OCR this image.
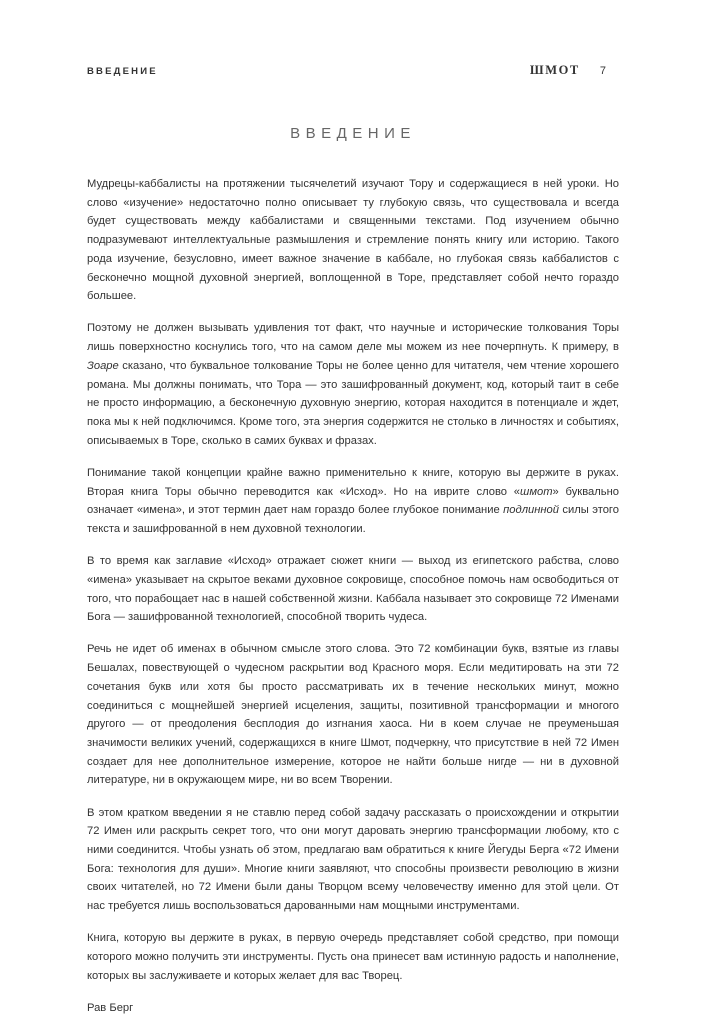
ВВЕДЕНИЕ	ШМОТ 7
ВВЕДЕНИЕ

Мудрецы-каббалисты на протяжении тысячелетий изучают Тору и содержащиеся в ней уроки. Но слово «изучение» недостаточно полно описывает ту глубокую связь, что существовала и всегда будет существовать между каббалистами и священными текстами. Под изучением обычно подразумевают интеллектуальные размышления и стремление понять книгу или историю. Такого рода изучение, безусловно, имеет важное значение в каббале, но глубокая связь каббалистов с бесконечно мощной духовной энергией, воплощенной в Торе, представляет собой нечто гораздо большее.

Поэтому не должен вызывать удивления тот факт, что научные и исторические толкования Торы лишь поверхностно коснулись того, что на самом деле мы можем из нее почерпнуть. К примеру, в Зоаре сказано, что буквальное толкование Торы не более ценно для читателя, чем чтение хорошего романа. Мы должны понимать, что Тора — это зашифрованный документ, код, который таит в себе не просто информацию, а бесконечную духовную энергию, которая находится в потенциале и ждет, пока мы к ней подключимся. Кроме того, эта энергия содержится не столько в личностях и событиях, описываемых в Торе, сколько в самих буквах и фразах.

Понимание такой концепции крайне важно применительно к книге, которую вы держите в руках. Вторая книга Торы обычно переводится как «Исход». Но на иврите слово «шмот» буквально означает «имена», и этот термин дает нам гораздо более глубокое понимание подлинной силы этого текста и зашифрованной в нем духовной технологии.

В то время как заглавие «Исход» отражает сюжет книги — выход из египетского рабства, слово «имена» указывает на скрытое веками духовное сокровище, способное помочь нам освободиться от того, что порабощает нас в нашей собственной жизни. Каббала называет это сокровище 72 Именами Бога — зашифрованной технологией, способной творить чудеса.

Речь не идет об именах в обычном смысле этого слова. Это 72 комбинации букв, взятые из главы Бешалах, повествующей о чудесном раскрытии вод Красного моря. Если медитировать на эти 72 сочетания букв или хотя бы просто рассматривать их в течение нескольких минут, можно соединиться с мощнейшей энергией исцеления, защиты, позитивной трансформации и многого другого — от преодоления бесплодия до изгнания хаоса. Ни в коем случае не преуменьшая значимости великих учений, содержащихся в книге Шмот, подчеркну, что присутствие в ней 72 Имен создает для нее дополнительное измерение, которое не найти больше нигде — ни в духовной литературе, ни в окружающем мире, ни во всем Творении.

В этом кратком введении я не ставлю перед собой задачу рассказать о происхождении и открытии 72 Имен или раскрыть секрет того, что они могут даровать энергию трансформации любому, кто с ними соединится. Чтобы узнать об этом, предлагаю вам обратиться к книге Йегуды Берга «72 Имени Бога: технология для души». Многие книги заявляют, что способны произвести революцию в жизни своих читателей, но 72 Имени были даны Творцом всему человечеству именно для этой цели. От нас требуется лишь воспользоваться дарованными нам мощными инструментами.

Книга, которую вы держите в руках, в первую очередь представляет собой средство, при помощи которого можно получить эти инструменты. Пусть она принесет вам истинную радость и наполнение, которых вы заслуживаете и которых желает для вас Творец.

Рав Берг
